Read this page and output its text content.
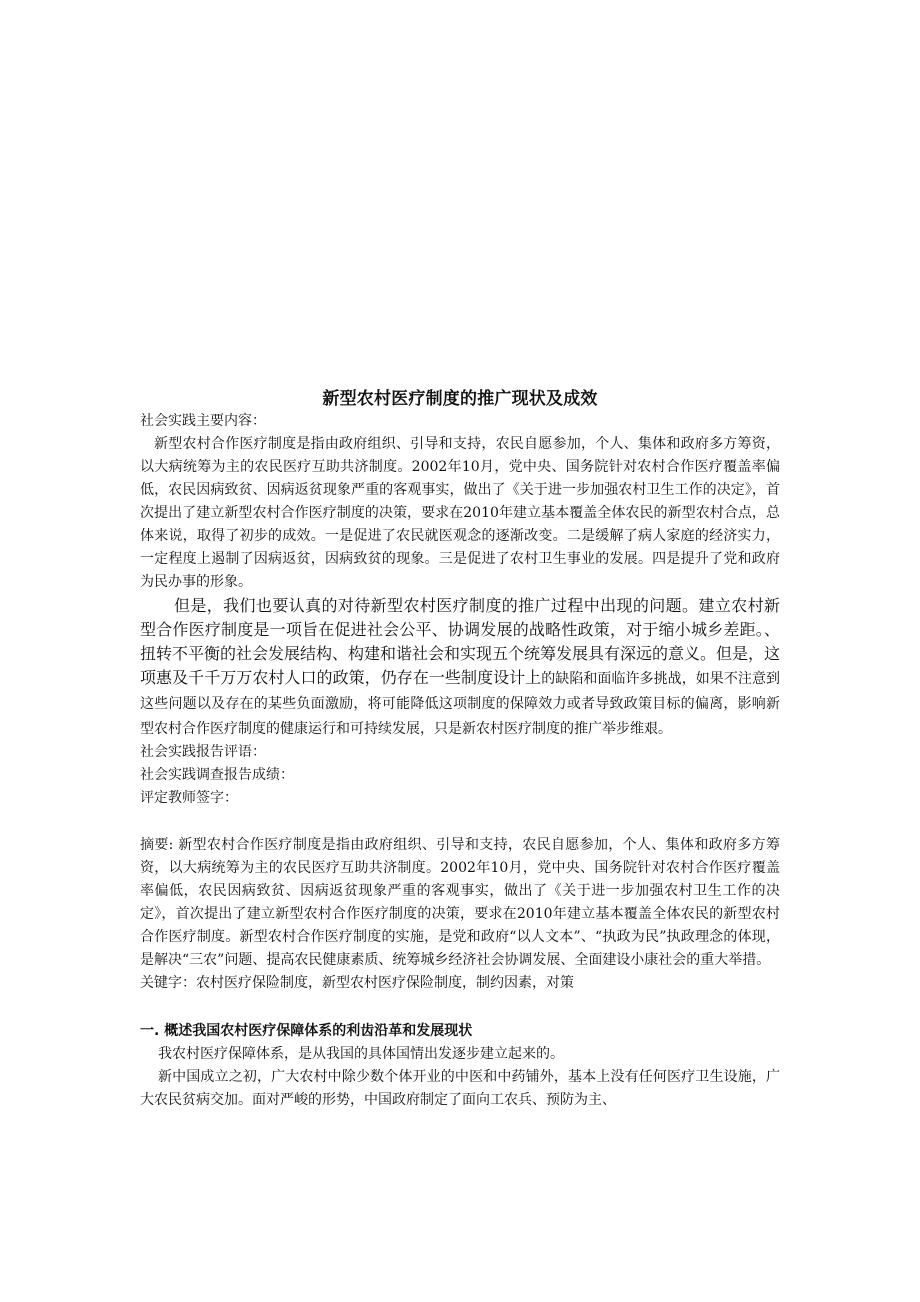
新型农村医疗制度的推广现状及成效

社会实践主要内容：

新型农村合作医疗制度是指由政府组织、引导和支持，农民自愿参加，个人、集体和政府多方筹资，以大病统筹为主的农民医疗互助共济制度。2002年10月，党中央、国务院针对农村合作医疗覆盖率偏低，农民因病致贫、因病返贫现象严重的客观事实，做出了《关于进一步加强农村卫生工作的决定》，首次提出了建立新型农村合作医疗制度的决策，要求在2010年建立基本覆盖全体农民的新型农村合点，总体来说，取得了初步的成效。一是促进了农民就医观念的逐渐改变。二是缓解了病人家庭的经济实力，一定程度上遏制了因病返贫，因病致贫的现象。三是促进了农村卫生事业的发展。四是提升了党和政府为民办事的形象。

但是，我们也要认真的对待新型农村医疗制度的推广过程中出现的问题。建立农村新型合作医疗制度是一项旨在促进社会公平、协调发展的战略性政策，对于缩小城乡差距。、扭转不平衡的社会发展结构、构建和谐社会和实现五个统筹发展具有深远的意义。但是，这项惠及千千万万农村人口的政策，仍存在一些制度设计上的缺陷和面临许多挑战，如果不注意到这些问题以及存在的某些负面激励，将可能降低这项制度的保障效力或者导致政策目标的偏离，影响新型农村合作医疗制度的健康运行和可持续发展，只是新农村医疗制度的推广举步维艰。

社会实践报告评语：

社会实践调查报告成绩：

评定教师签字：

摘要: 新型农村合作医疗制度是指由政府组织、引导和支持，农民自愿参加，个人、集体和政府多方筹资，以大病统筹为主的农民医疗互助共济制度。2002年10月，党中央、国务院针对农村合作医疗覆盖率偏低，农民因病致贫、因病返贫现象严重的客观事实，做出了《关于进一步加强农村卫生工作的决定》，首次提出了建立新型农村合作医疗制度的决策，要求在2010年建立基本覆盖全体农民的新型农村合作医疗制度。新型农村合作医疗制度的实施，是党和政府“以人文本”、“执政为民”执政理念的体现，是解决“三农”问题、提高农民健康素质、统筹城乡经济社会协调发展、全面建设小康社会的重大举措。

关键字：农村医疗保险制度，新型农村医疗保险制度，制约因素，对策

一. 概述我国农村医疗保障体系的利齿沿革和发展现状

我农村医疗保障体系，是从我国的具体国情出发逐步建立起来的。

新中国成立之初，广大农村中除少数个体开业的中医和中药铺外，基本上没有任何医疗卫生设施，广大农民贫病交加。面对严峻的形势，中国政府制定了面向工农兵、预防为主、
